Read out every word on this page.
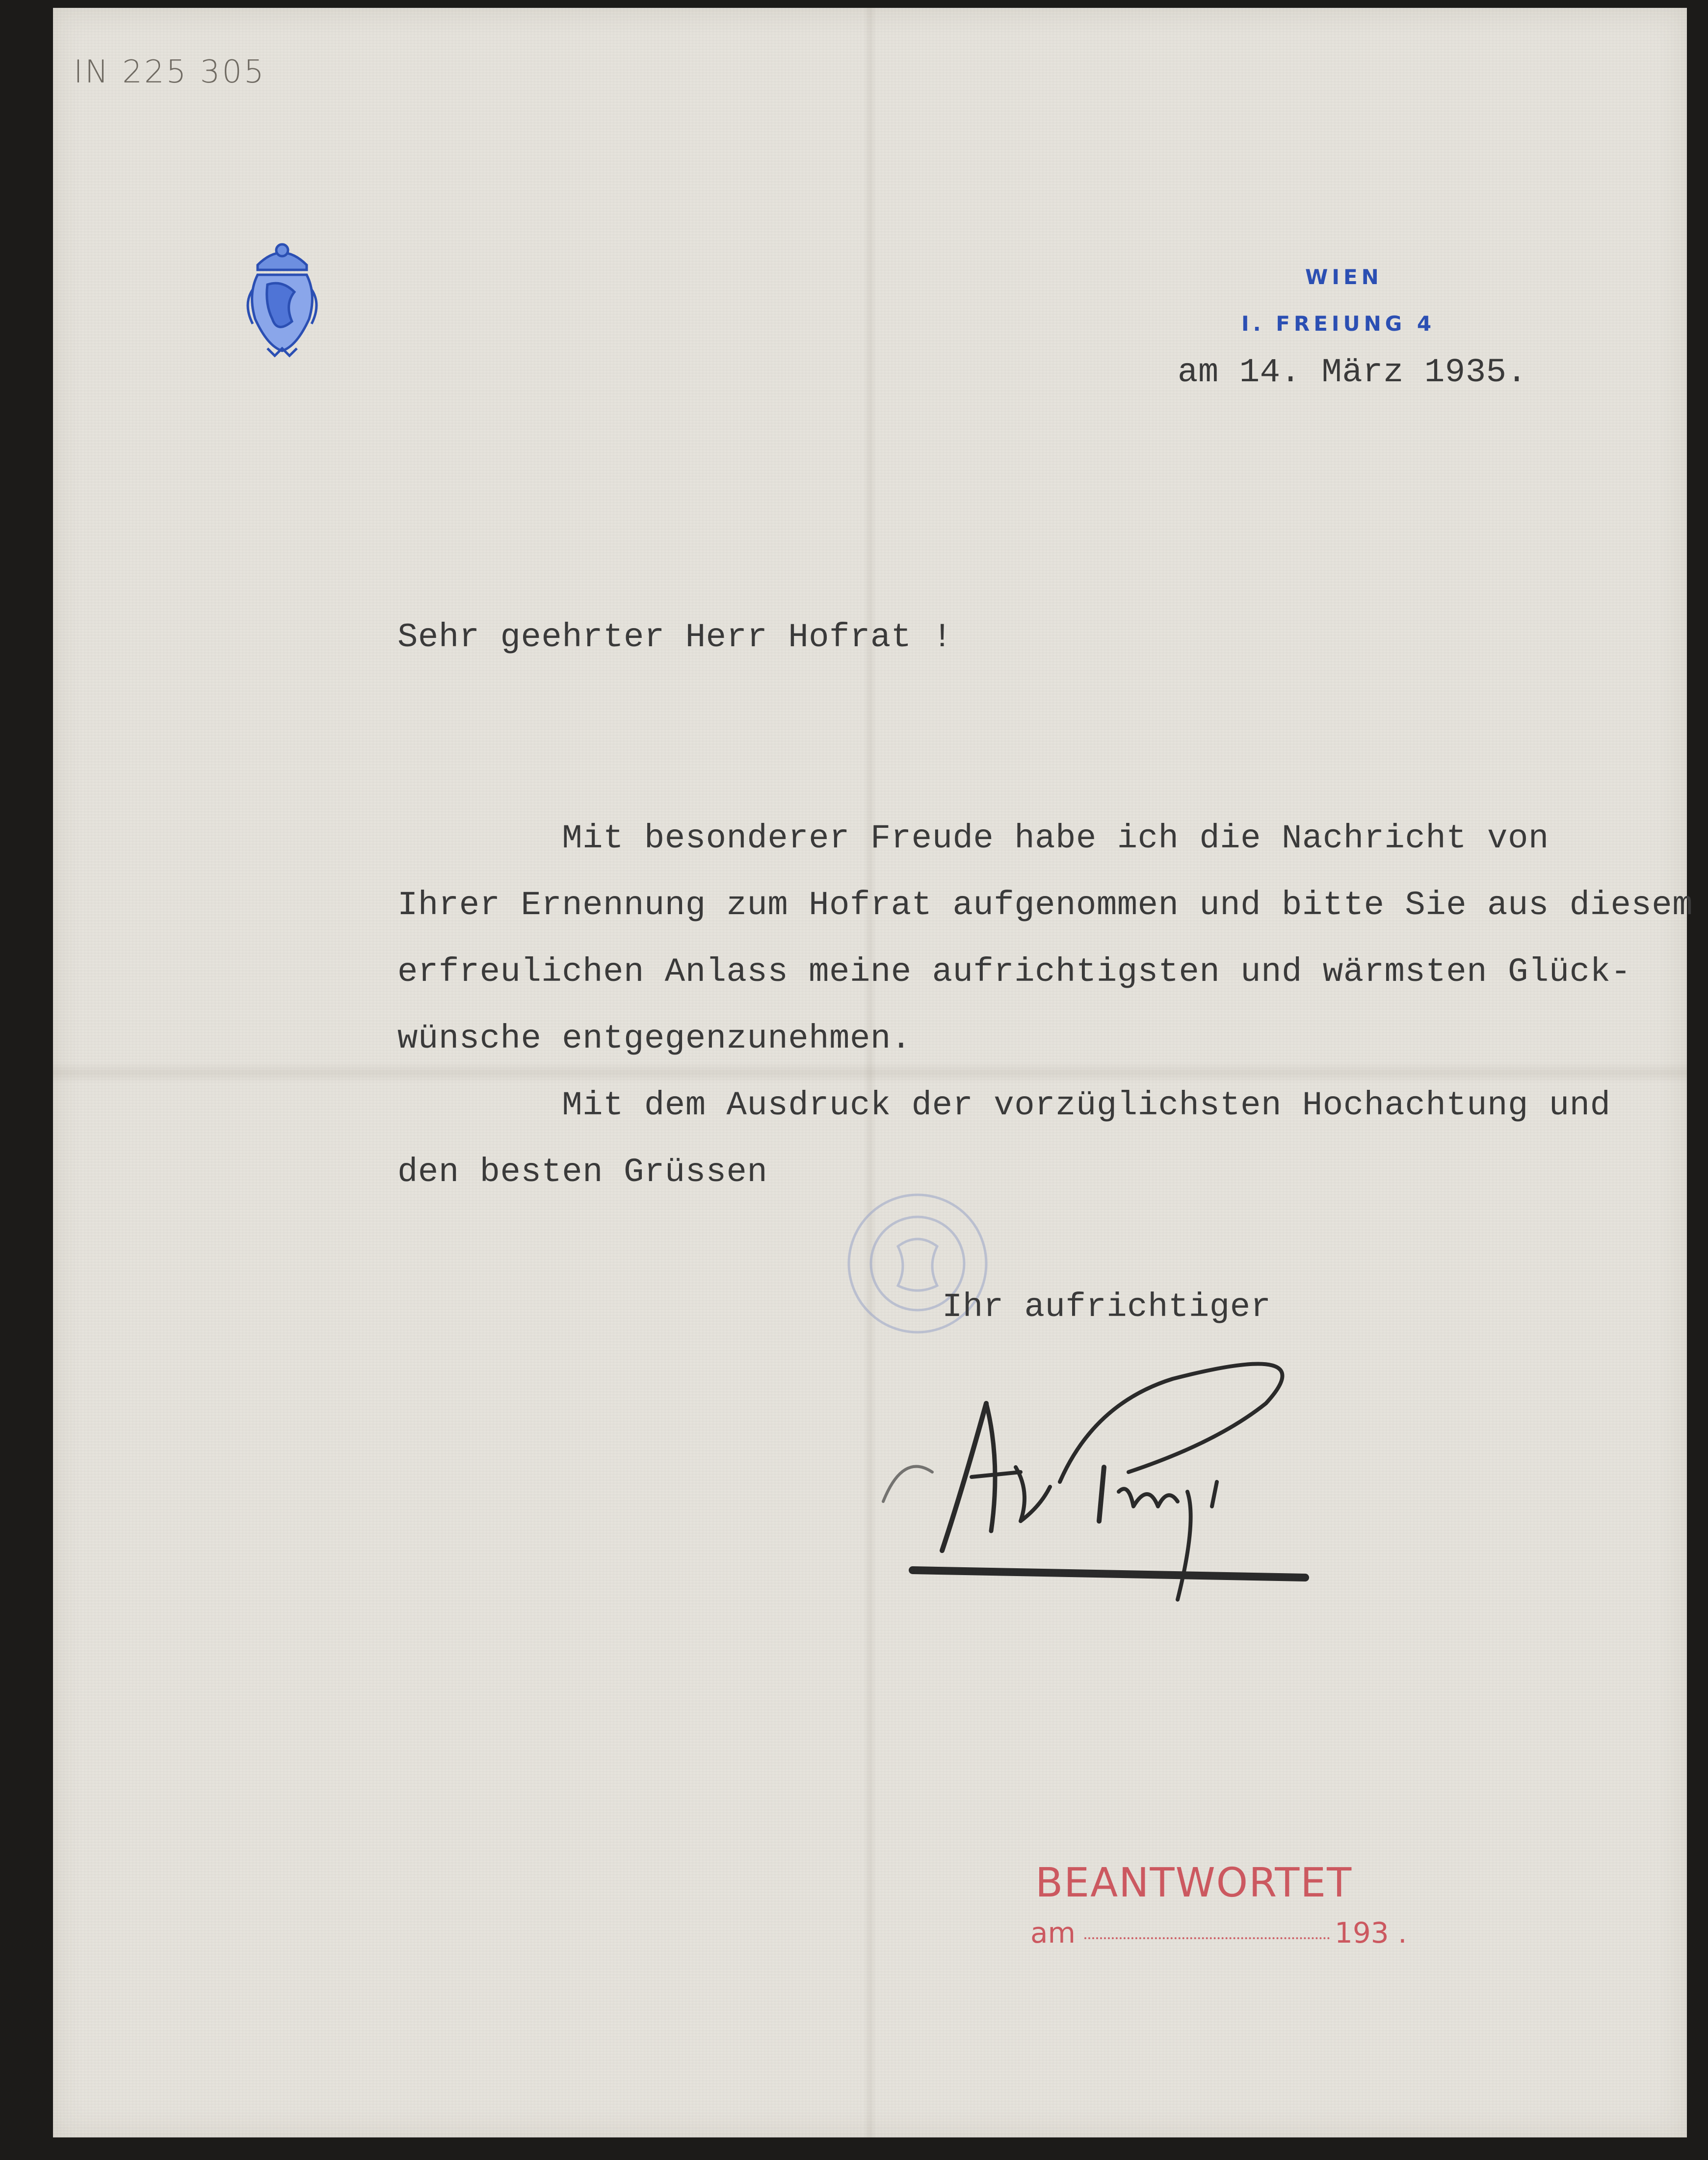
IN 225 305
WIEN
I. FREIUNG 4
am 14. März 1935.
Sehr geehrter Herr Hofrat !
Mit besonderer Freude habe ich die Nachricht von
Ihrer Ernennung zum Hofrat aufgenommen und bitte Sie aus diesem
erfreulichen Anlass meine aufrichtigsten und wärmsten Glück-
wünsche entgegenzunehmen.
Mit dem Ausdruck der vorzüglichsten Hochachtung und
den besten Grüssen
Ihr aufrichtiger
BEANTWORTET
am	193 .
